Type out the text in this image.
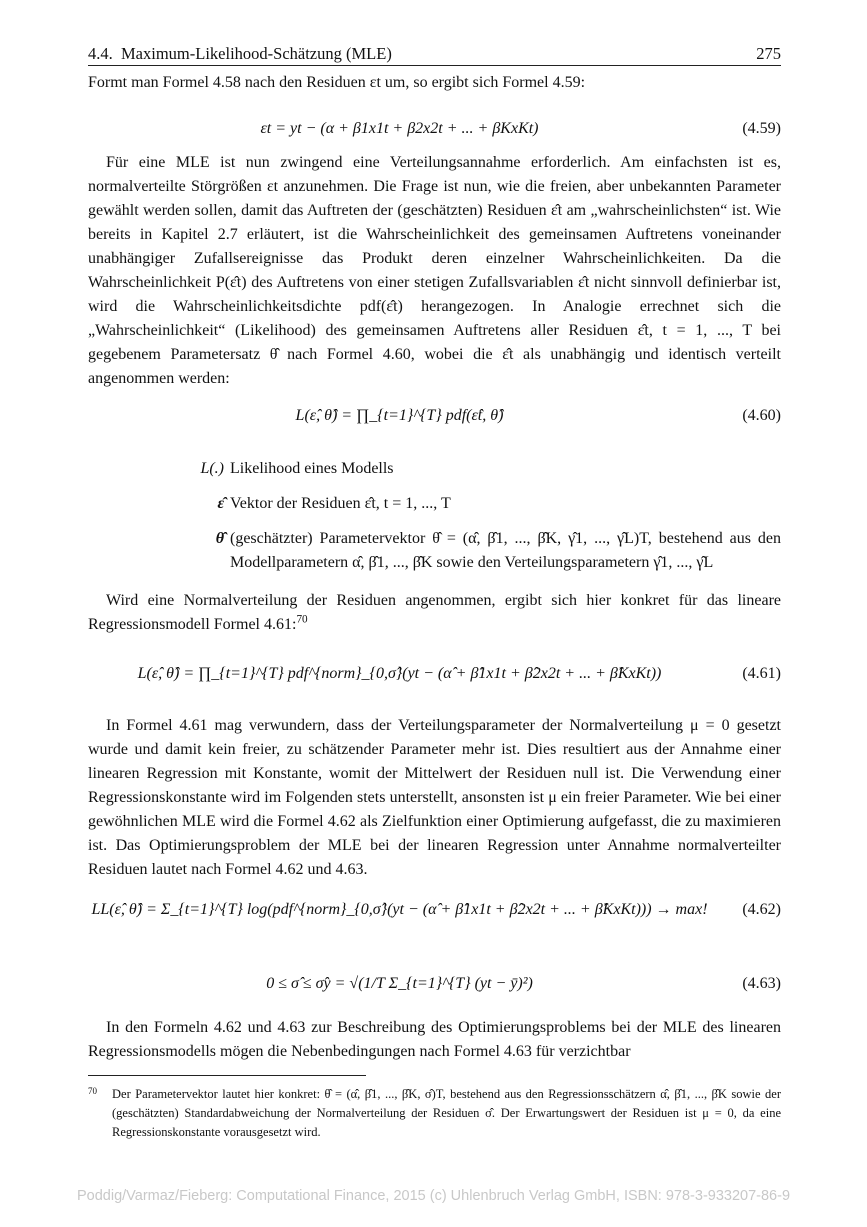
4.4.  Maximum-Likelihood-Schätzung (MLE)	275
Formt man Formel 4.58 nach den Residuen εt um, so ergibt sich Formel 4.59:
εt = yt − (α + β1x1t + β2x2t + ... + βKxKt)	(4.59)
Für eine MLE ist nun zwingend eine Verteilungsannahme erforderlich. Am einfachsten ist es, normalverteilte Störgrößen εt anzunehmen. Die Frage ist nun, wie die freien, aber unbekannten Parameter gewählt werden sollen, damit das Auftreten der (geschätzten) Residuen ε̂t am „wahrscheinlichsten“ ist. Wie bereits in Kapitel 2.7 erläutert, ist die Wahrscheinlichkeit des gemeinsamen Auftretens voneinander unabhängiger Zufallsereignisse das Produkt deren einzelner Wahrscheinlichkeiten. Da die Wahrscheinlichkeit P(ε̂t) des Auftretens von einer stetigen Zufallsvariablen ε̂t nicht sinnvoll definierbar ist, wird die Wahrscheinlichkeitsdichte pdf(ε̂t) herangezogen. In Analogie errechnet sich die „Wahrscheinlichkeit“ (Likelihood) des gemeinsamen Auftretens aller Residuen ε̂t, t = 1, ..., T bei gegebenem Parametersatz θ̂ nach Formel 4.60, wobei die ε̂t als unabhängig und identisch verteilt angenommen werden:
L(ε̂, θ̂) = ∏_{t=1}^{T} pdf(ε̂t, θ̂)	(4.60)
L(.) Likelihood eines Modells
ε̂ Vektor der Residuen ε̂t, t = 1, ..., T
θ̂ (geschätzter) Parametervektor θ̂ = (α̂, β̂1, ..., β̂K, γ̂1, ..., γ̂L)T, bestehend aus den Modellparametern α̂, β̂1, ..., β̂K sowie den Verteilungsparametern γ̂1, ..., γ̂L
Wird eine Normalverteilung der Residuen angenommen, ergibt sich hier konkret für das lineare Regressionsmodell Formel 4.61:$^{70}$
L(ε̂, θ̂) = ∏_{t=1}^{T} pdf^{norm}_{0,σ̂}(yt − (α̂ + β̂1x1t + β̂2x2t + ... + β̂KxKt))	(4.61)
In Formel 4.61 mag verwundern, dass der Verteilungsparameter der Normalverteilung μ = 0 gesetzt wurde und damit kein freier, zu schätzender Parameter mehr ist. Dies resultiert aus der Annahme einer linearen Regression mit Konstante, womit der Mittelwert der Residuen null ist. Die Verwendung einer Regressionskonstante wird im Folgenden stets unterstellt, ansonsten ist μ ein freier Parameter. Wie bei einer gewöhnlichen MLE wird die Formel 4.62 als Zielfunktion einer Optimierung aufgefasst, die zu maximieren ist. Das Optimierungsproblem der MLE bei der linearen Regression unter Annahme normalverteilter Residuen lautet nach Formel 4.62 und 4.63.
LL(ε̂, θ̂) = Σ_{t=1}^{T} log(pdf^{norm}_{0,σ̂}(yt − (α̂ + β̂1x1t + β̂2x2t + ... + β̂KxKt))) → max! (4.62)
0 ≤ σ̂ ≤ σ̂y = √(1/T Σ_{t=1}^{T} (yt − ȳ)²)	(4.63)
In den Formeln 4.62 und 4.63 zur Beschreibung des Optimierungsproblems bei der MLE des linearen Regressionsmodells mögen die Nebenbedingungen nach Formel 4.63 für verzichtbar
70 Der Parametervektor lautet hier konkret: θ̂ = (α̂, β̂1, ..., β̂K, σ̂)T, bestehend aus den Regressionsschätzern α̂, β̂1, ..., β̂K sowie der (geschätzten) Standardabweichung der Normalverteilung der Residuen σ̂. Der Erwartungswert der Residuen ist μ = 0, da eine Regressionskonstante vorausgesetzt wird.
Poddig/Varmaz/Fieberg: Computational Finance, 2015 (c) Uhlenbruch Verlag GmbH, ISBN: 978-3-933207-86-9
